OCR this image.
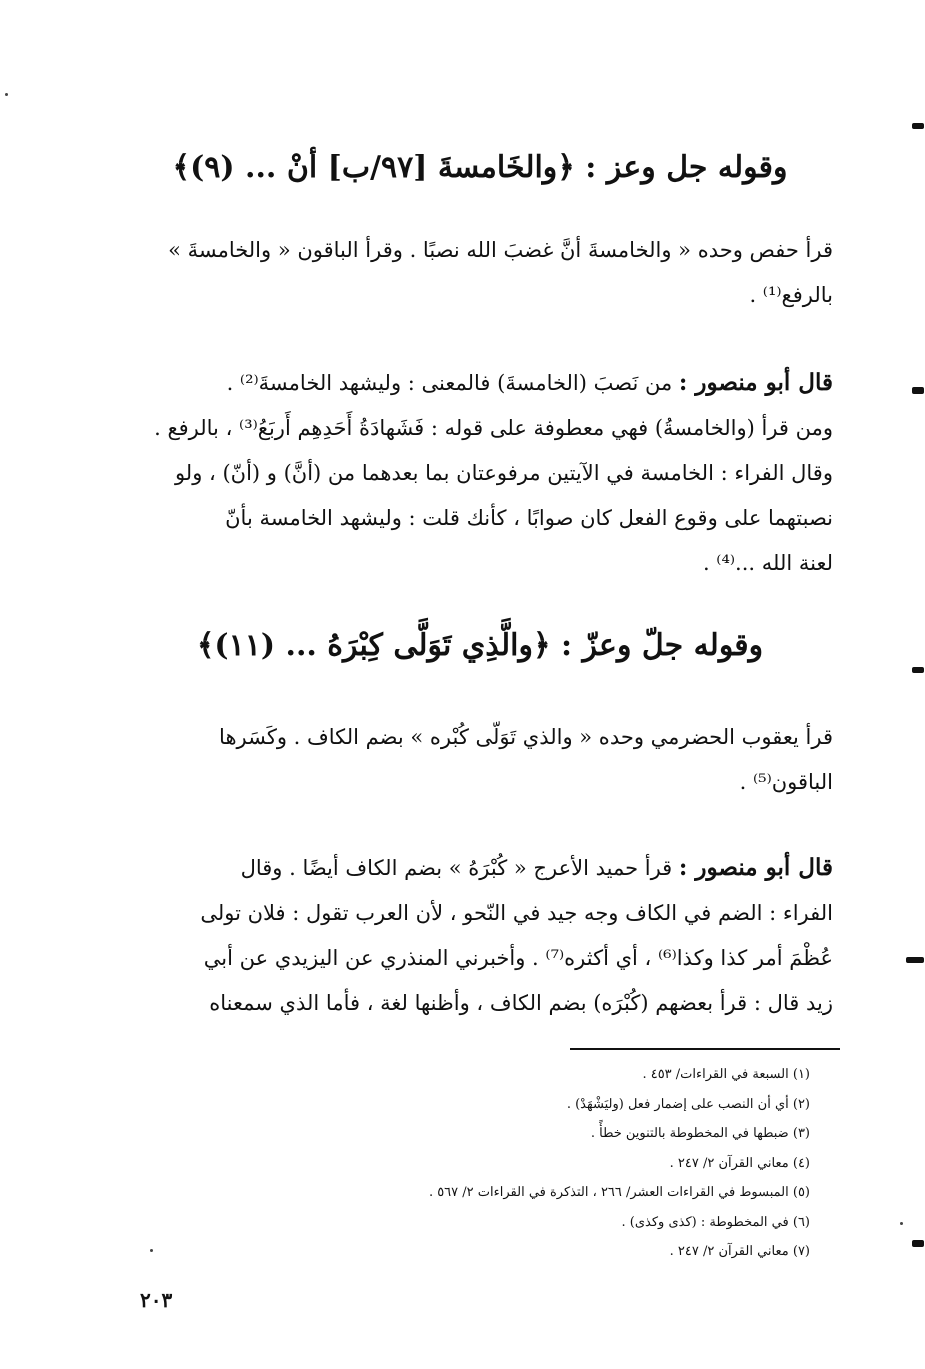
وقوله جل وعز : ﴿والخَامسةَ [٩٧/ب] أنْ ... (٩)﴾
قرأ حفص وحده « والخامسةَ أنَّ غضبَ الله نصبًا . وقرأ الباقون « والخامسةَ »
بالرفع⁽¹⁾ .
قال أبو منصور : من نَصبَ (الخامسةَ) فالمعنى : وليشهد الخامسةَ⁽²⁾ .
ومن قرأ (والخامسةُ) فهي معطوفة على قوله : فَشَهادَةُ أَحَدِهِم أَربَعُ⁽³⁾ ، بالرفع .
وقال الفراء : الخامسة في الآيتين مرفوعتان بما بعدهما من (أنَّ) و (أنّ) ، ولو
نصبتهما على وقوع الفعل كان صوابًا ، كأنك قلت : وليشهد الخامسة بأنّ
لعنة الله ...⁽⁴⁾ .
وقوله جلّ وعزّ : ﴿والَّذِي تَوَلَّى كِبْرَهُ ... (١١)﴾
قرأ يعقوب الحضرمي وحده « والذي تَوَلّى كُبْره » بضم الكاف . وكَسَرها
الباقون⁽⁵⁾ .
قال أبو منصور : قرأ حميد الأعرج « كُبْرَهُ » بضم الكاف أيضًا . وقال
الفراء : الضم في الكاف وجه جيد في النّحو ، لأن العرب تقول : فلان تولى
عُظْمَ أمر كذا وكذا⁽⁶⁾ ، أي أكثره⁽⁷⁾ . وأخبرني المنذري عن اليزيدي عن أبي
زيد قال : قرأ بعضهم (كُبْرَه) بضم الكاف ، وأظنها لغة ، فأما الذي سمعناه
(١) السبعة في القراءات/ ٤٥٣ .
(٢) أي أن النصب على إضمار فعل (وليَشْهَدْ) .
(٣) ضبطها في المخطوطة بالتنوين خطأً .
(٤) معاني القرآن ٢/ ٢٤٧ .
(٥) المبسوط في القراءات العشر/ ٢٦٦ ، التذكرة في القراءات ٢/ ٥٦٧ .
(٦) في المخطوطة : (كذى وكذى) .
(٧) معاني القرآن ٢/ ٢٤٧ .
٢٠٣
